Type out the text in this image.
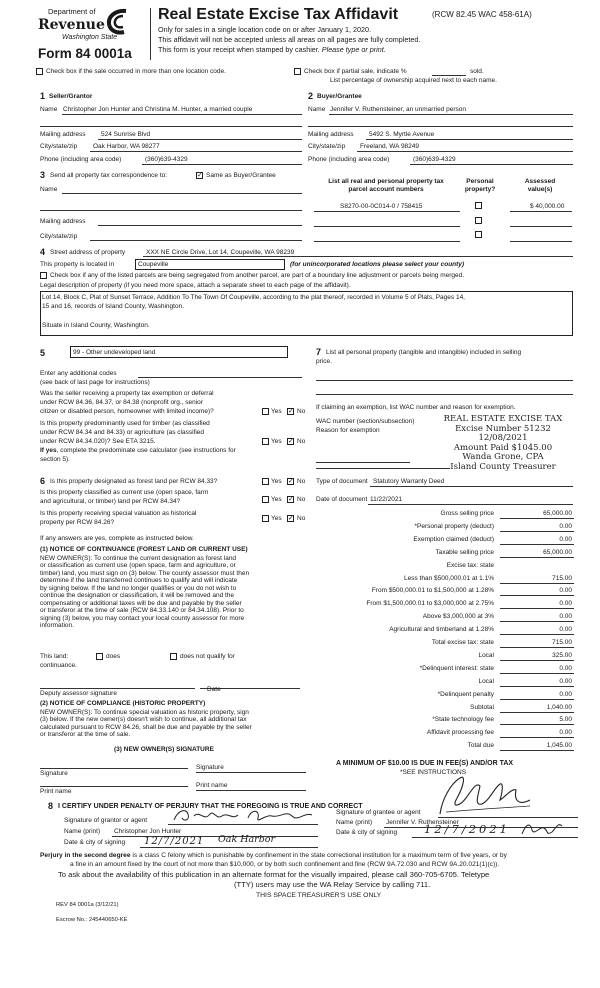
Department of
Revenue
Washington State
Form 84 0001a
Real Estate Excise Tax Affidavit	(RCW 82.45 WAC 458-61A)
Only for sales in a single location code on or after January 1, 2020.
This affidavit will not be accepted unless all areas on all pages are fully completed.
This form is your receipt when stamped by cashier. Please type or print.
Check box if the sale occurred in more than one location code.	Check box if partial sale, indicate %	sold.
List percentage of ownership acquired next to each name.
1 Seller/Grantor
Name Christopher Jon Hunter and Christina M. Hunter, a married couple
Mailing address 524 Sunrise Blvd
City/state/zip Oak Harbor, WA 98277
Phone (including area code)	(360)639-4329
2 Buyer/Grantee
Name Jennifer V. Ruthensteiner, an unmarried person
Mailing address 5492 S. Myrtle Avenue
City/state/zip Freeland, WA 98249
Phone (including area code)	(360)639-4329
3 Send all property tax correspondence to:	✓ Same as Buyer/Grantee
Name
Mailing address
City/state/zip
List all real and personal property tax
parcel account numbers
Personal
property?
Assessed
value(s)
S8270-00-0C014-0 / 758415	$ 40,000.00
4 Street address of property	XXX NE Circle Drive, Lot 14, Coupeville, WA 98239
This property is located in	Coupeville	(for unincorporated locations please select your county)
Check box if any of the listed parcels are being segregated from another parcel, are part of a boundary line adjustment or parcels being merged.
Legal description of property (if you need more space, attach a separate sheet to each page of the affidavit).
Lot 14, Block C, Plat of Sunset Terrace, Addition To The Town Of Coupeville, according to the plat thereof, recorded in Volume 5 of Plats, Pages 14,
15 and 16, records of Island County, Washington.
Situate in Island County, Washington.
5	99 - Other undeveloped land
Enter any additional codes
(see back of last page for instructions)
Was the seller receiving a property tax exemption or deferral
under RCW 84.36, 84.37, or 84.38 (nonprofit org., senior
citizen or disabled person, homeowner with limited income)?	Yes ✓ No
Is this property predominantly used for timber (as classified
under RCW 84.34 and 84.33) or agriculture (as classified
under RCW 84.34.020)? See ETA 3215.	Yes ✓ No
If yes, complete the predominate use calculator (see instructions for
section 5).
6 Is this property designated as forest land per RCW 84.33?	Yes ✓ No
Is this property classified as current use (open space, farm
and agricultural, or timber) land per RCW 84.34?	Yes ✓ No
Is this property receiving special valuation as historical
property per RCW 84.26?
Yes ✓ No
If any answers are yes, complete as instructed below.
(1) NOTICE OF CONTINUANCE (FOREST LAND OR CURRENT USE)
NEW OWNER(S): To continue the current designation as forest land
or classification as current use (open space, farm and agriculture, or
timber) land, you must sign on (3) below. The county assessor must then
determine if the land transferred continues to qualify and will indicate
by signing below. If the land no longer qualifies or you do not wish to
continue the designation or classification, it will be removed and the
compensating or additional taxes will be due and payable by the seller
or transferor at the time of sale (RCW 84.33.140 or 84.34.108). Prior to
signing (3) below, you may contact your local county assessor for more
information.
This land:	does	does not qualify for
continuance.
Deputy assessor signature
Date
(2) NOTICE OF COMPLIANCE (HISTORIC PROPERTY)
NEW OWNER(S): To continue special valuation as historic property, sign
(3) below. If the new owner(s) doesn't wish to continue, all additional tax
calculated pursuant to RCW 84.26, shall be due and payable by the seller
or transferor at the time of sale.
(3) NEW OWNER(S) SIGNATURE
Signature
Signature
Print name
Print name
7 List all personal property (tangible and intangible) included in selling
price.
If claiming an exemption, list WAC number and reason for exemption.
WAC number (section/subsection)
Reason for exemption
REAL ESTATE EXCISE TAX
Excise Number 51232
12/08/2021
Amount Paid $1045.00
Wanda Grone, CPA
Island County Treasurer
Type of document Statutory Warranty Deed
Date of document 11/22/2021
Gross selling price	65,000.00
*Personal property (deduct)	0.00
Exemption claimed (deduct)	0.00
Taxable selling price	65,000.00
Excise tax: state
Less than $500,000.01 at 1.1%	715.00
From $500,000.01 to $1,500,000 at 1.28%	0.00
From $1,500,000.01 to $3,000,000 at 2.75%	0.00
Above $3,000,000 at 3%	0.00
Agricultural and timberland at 1.28%	0.00
Total excise tax: state	715.00
Local	325.00
*Delinquent interest: state	0.00
Local	0.00
*Delinquent penalty	0.00
Subtotal	1,040.00
*State technology fee	5.00
Affidavit processing fee	0.00
Total due	1,045.00
A MINIMUM OF $10.00 IS DUE IN FEE(S) AND/OR TAX
*SEE INSTRUCTIONS
8 I CERTIFY UNDER PENALTY OF PERJURY THAT THE FOREGOING IS TRUE AND CORRECT
Signature of grantor or agent
Name (print) Christopher Jon Hunter
Date & city of signing 12/7/2021 Oak Harbor
Signature of grantee or agent
Name (print) Jennifer V. Ruthensteiner
Date & city of signing 12/7/2021
Perjury in the second degree is a class C felony which is punishable by confinement in the state correctional institution for a maximum term of five years, or by
a fine in an amount fixed by the court of not more than $10,000, or by both such confinement and fine (RCW 9A.72.030 and RCW 9A.20.021(1)(c)).
To ask about the availability of this publication in an alternate format for the visually impaired, please call 360-705-6705. Teletype
(TTY) users may use the WA Relay Service by calling 711.
THIS SPACE TREASURER'S USE ONLY
REV 84 0001a (3/12/21)
Escrow No.: 245440650-KE
